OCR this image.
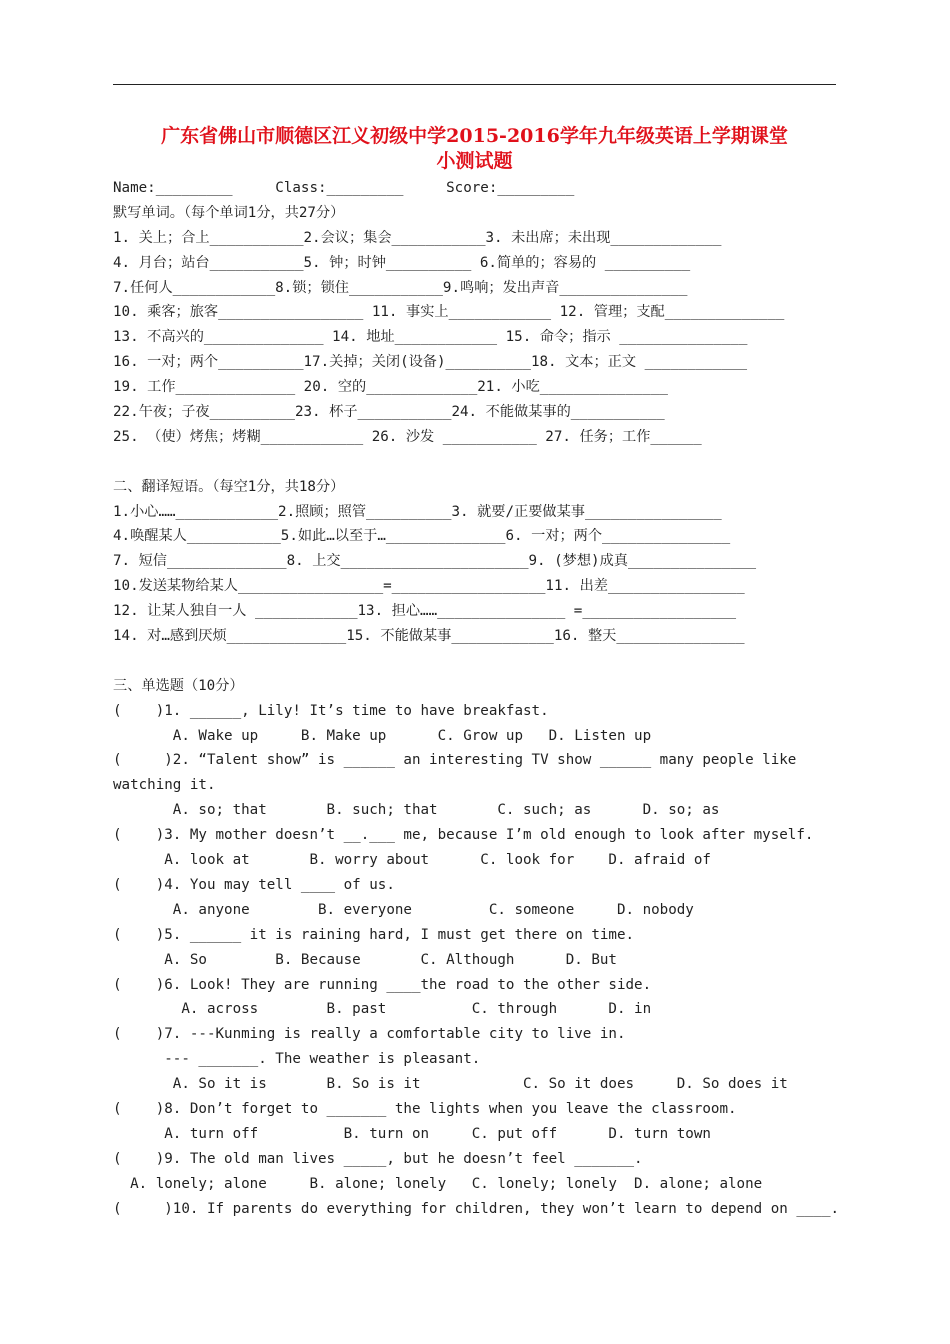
广东省佛山市顺德区江义初级中学2015-2016学年九年级英语上学期课堂
小测试题
Name:_________     Class:_________     Score:_________
默写单词。（每个单词1分，共27分）
1. 关上；合上___________2.会议；集会___________3. 未出席；未出现_____________
4. 月台；站台___________5. 钟；时钟__________ 6.简单的；容易的 __________
7.任何人____________8.锁；锁住___________9.鸣响；发出声音_______________
10. 乘客；旅客_________________ 11. 事实上____________ 12. 管理；支配______________
13. 不高兴的______________ 14. 地址____________ 15. 命令；指示 _______________
16. 一对；两个__________17.关掉；关闭(设备)__________18. 文本；正文 ____________
19. 工作______________ 20. 空的_____________21. 小吃_______________
22.午夜；子夜__________23. 杯子___________24. 不能做某事的___________
25. （使）烤焦；烤糊____________ 26. 沙发 ___________ 27. 任务；工作______
二、翻译短语。（每空1分，共18分）
1.小心……____________2.照顾；照管__________3. 就要/正要做某事________________
4.唤醒某人___________5.如此…以至于…______________6. 一对；两个_______________
7. 短信______________8. 上交______________________9. (梦想)成真_______________
10.发送某物给某人_________________=__________________11. 出差________________
12. 让某人独自一人 ____________13. 担心……_______________ =__________________
14. 对…感到厌烦______________15. 不能做某事____________16. 整天_______________
三、单选题（10分）
(    )1. ______, Lily! It’s time to have breakfast.
A. Wake up     B. Make up      C. Grow up   D. Listen up
(     )2. “Talent show” is ______ an interesting TV show ______ many people like
watching it.
A. so; that       B. such; that       C. such; as      D. so; as
(    )3. My mother doesn’t __.___ me, because I’m old enough to look after myself.
A. look at       B. worry about      C. look for    D. afraid of
(    )4. You may tell ____ of us.
A. anyone        B. everyone         C. someone     D. nobody
(    )5. ______ it is raining hard, I must get there on time.
A. So        B. Because       C. Although      D. But
(    )6. Look! They are running ____the road to the other side.
A. across        B. past          C. through      D. in
(    )7. ---Kunming is really a comfortable city to live in.
--- _______. The weather is pleasant.
A. So it is       B. So is it            C. So it does     D. So does it
(    )8. Don’t forget to _______ the lights when you leave the classroom.
A. turn off          B. turn on     C. put off      D. turn town
(    )9. The old man lives _____, but he doesn’t feel _______.
A. lonely; alone     B. alone; lonely   C. lonely; lonely  D. alone; alone
(     )10. If parents do everything for children, they won’t learn to depend on ____.
